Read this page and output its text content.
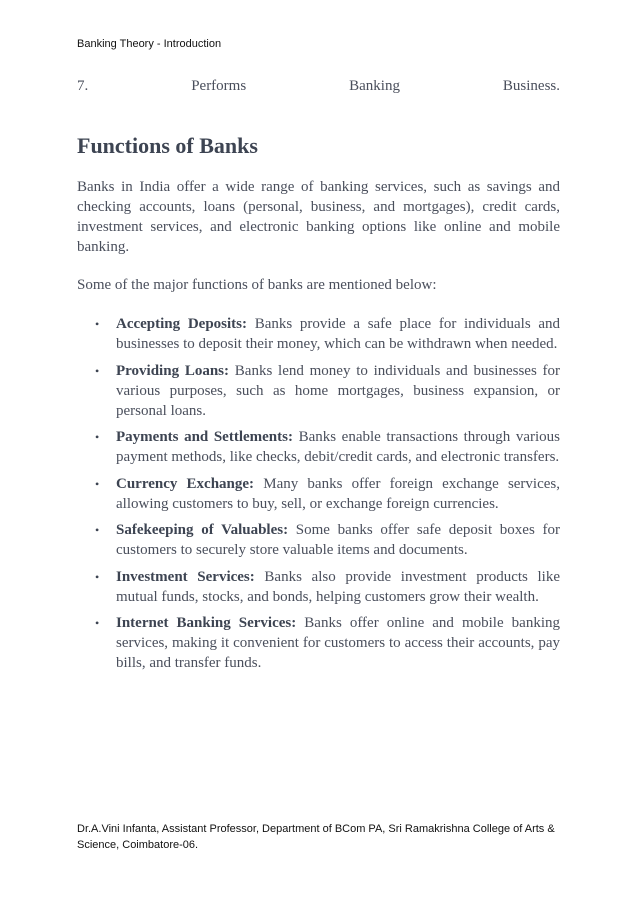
Banking Theory - Introduction
7.	Performs	Banking	Business.
Functions of Banks

Banks in India offer a wide range of banking services, such as savings and checking accounts, loans (personal, business, and mortgages), credit cards, investment services, and electronic banking options like online and mobile banking.

Some of the major functions of banks are mentioned below:

• Accepting Deposits: Banks provide a safe place for individuals and businesses to deposit their money, which can be withdrawn when needed.
• Providing Loans: Banks lend money to individuals and businesses for various purposes, such as home mortgages, business expansion, or personal loans.
• Payments and Settlements: Banks enable transactions through various payment methods, like checks, debit/credit cards, and electronic transfers.
• Currency Exchange: Many banks offer foreign exchange services, allowing customers to buy, sell, or exchange foreign currencies.
• Safekeeping of Valuables: Some banks offer safe deposit boxes for customers to securely store valuable items and documents.
• Investment Services: Banks also provide investment products like mutual funds, stocks, and bonds, helping customers grow their wealth.
• Internet Banking Services: Banks offer online and mobile banking services, making it convenient for customers to access their accounts, pay bills, and transfer funds.
Dr.A.Vini Infanta, Assistant Professor, Department of BCom PA, Sri Ramakrishna College of Arts & Science, Coimbatore-06.
